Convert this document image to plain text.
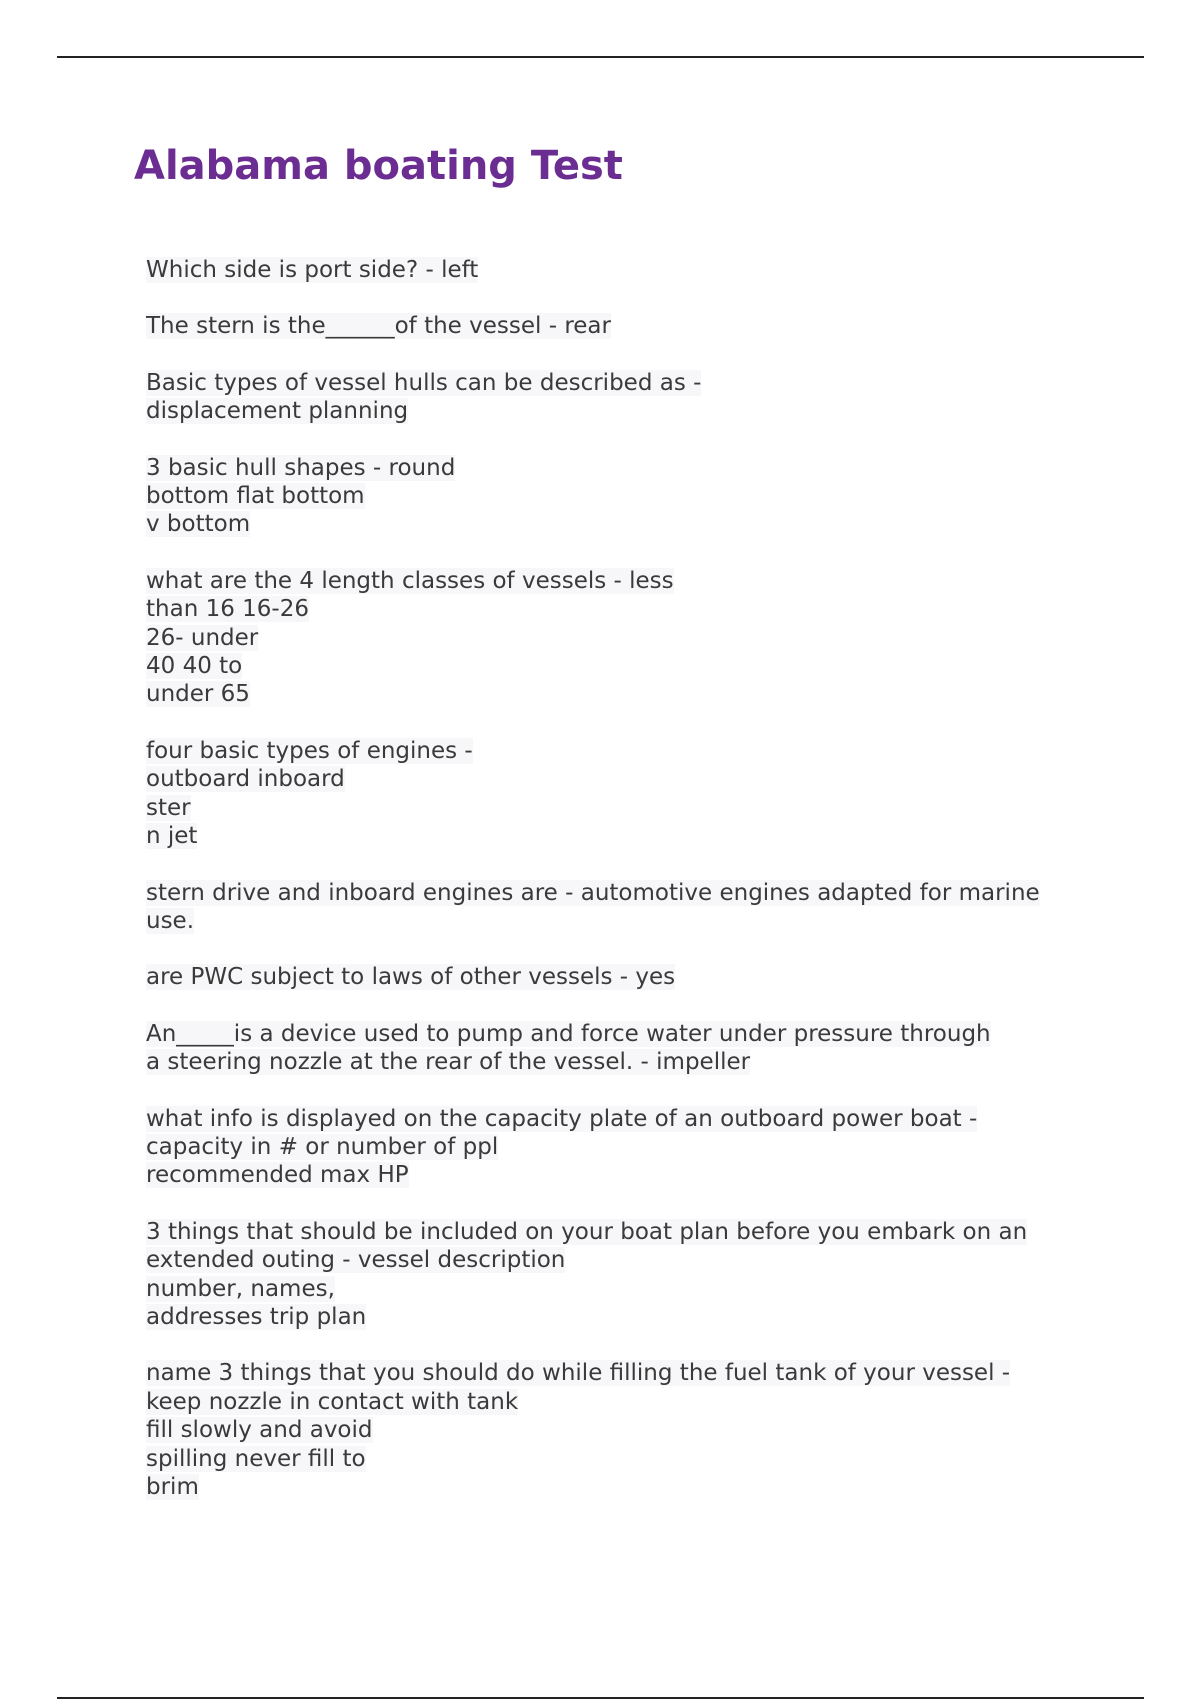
Alabama boating Test
Which side is port side? - left
The stern is the______of the vessel - rear
Basic types of vessel hulls can be described as -
displacement planning
3 basic hull shapes - round
bottom flat bottom
v bottom
what are the 4 length classes of vessels - less
than 16 16-26
26- under
40 40 to
under 65
four basic types of engines -
outboard inboard
ster
n jet
stern drive and inboard engines are - automotive engines adapted for marine
use.
are PWC subject to laws of other vessels - yes
An_____is a device used to pump and force water under pressure through
a steering nozzle at the rear of the vessel. - impeller
what info is displayed on the capacity plate of an outboard power boat -
capacity in # or number of ppl
recommended max HP
3 things that should be included on your boat plan before you embark on an
extended outing - vessel description
number, names,
addresses trip plan
name 3 things that you should do while filling the fuel tank of your vessel -
keep nozzle in contact with tank
fill slowly and avoid
spilling never fill to
brim
